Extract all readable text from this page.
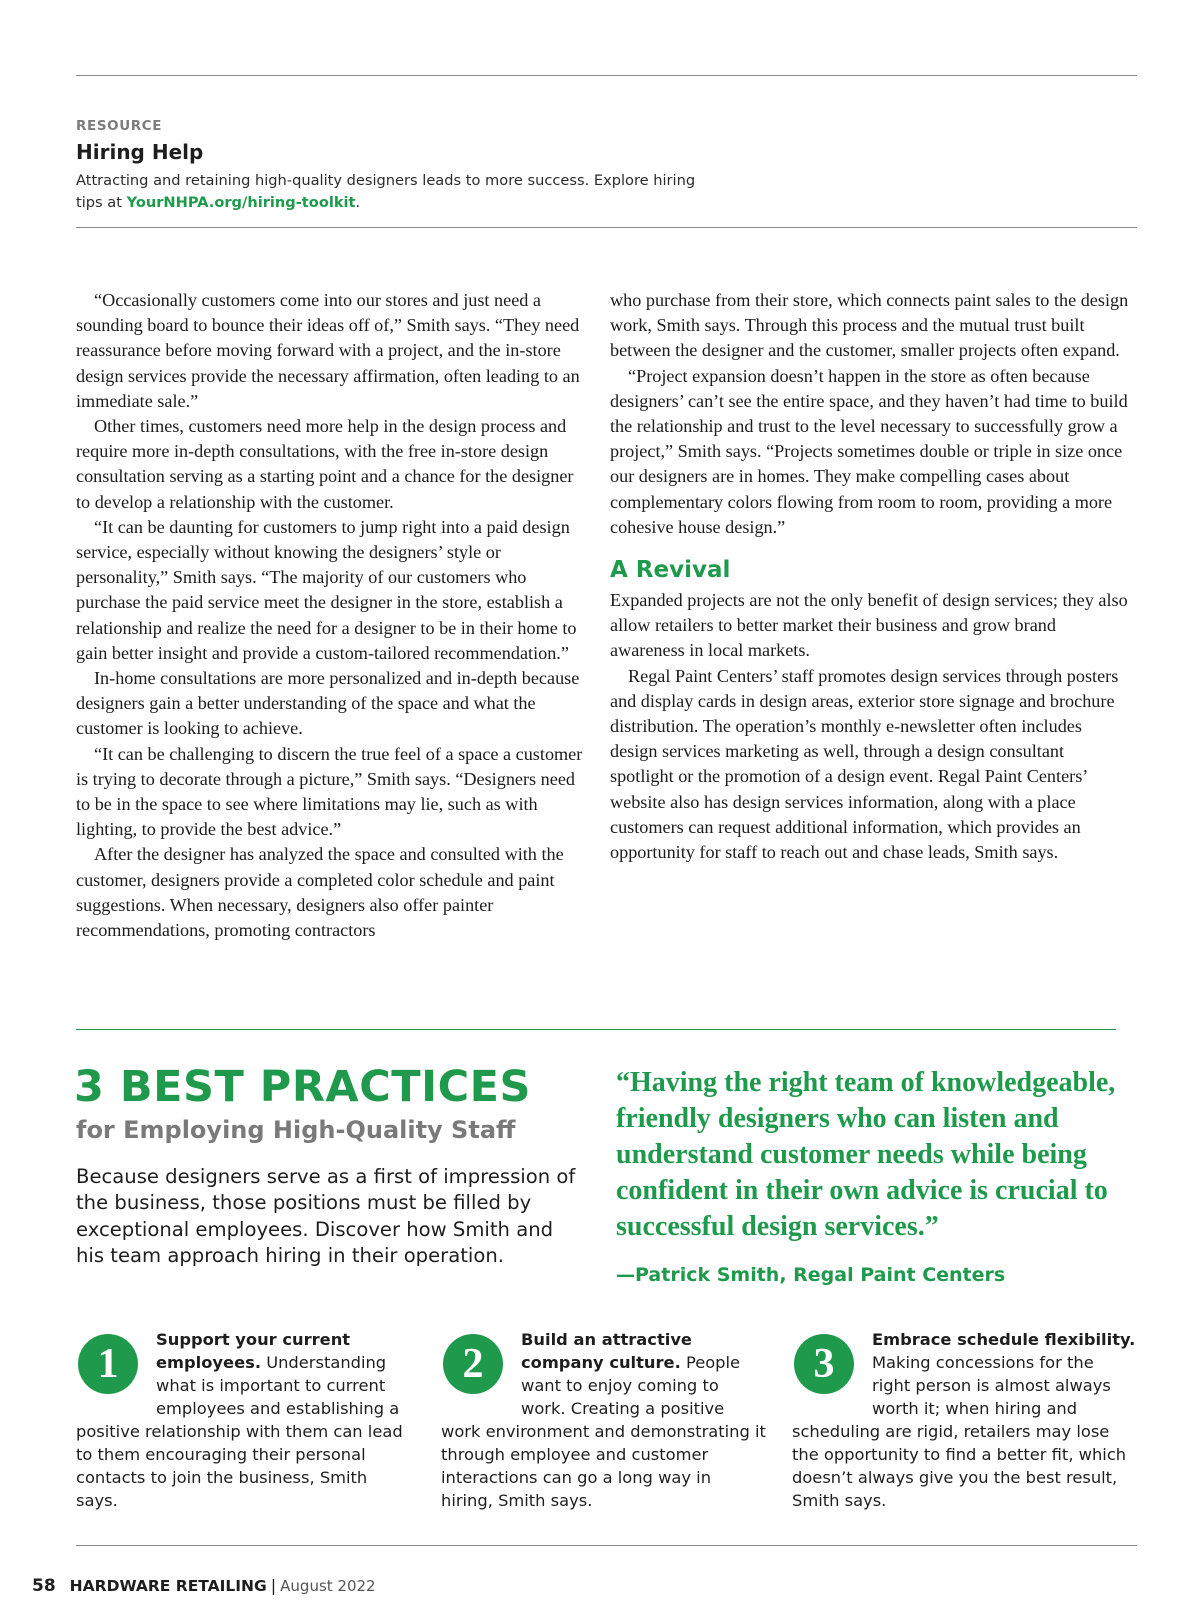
RESOURCE
Hiring Help
Attracting and retaining high-quality designers leads to more success. Explore hiring tips at YourNHPA.org/hiring-toolkit.

“Occasionally customers come into our stores and just need a sounding board to bounce their ideas off of,” Smith says. “They need reassurance before moving forward with a project, and the in-store design services provide the necessary affirmation, often leading to an immediate sale.”

Other times, customers need more help in the design process and require more in-depth consultations, with the free in-store design consultation serving as a starting point and a chance for the designer to develop a relationship with the customer.

“It can be daunting for customers to jump right into a paid design service, especially without knowing the designers’ style or personality,” Smith says. “The majority of our customers who purchase the paid service meet the designer in the store, establish a relationship and realize the need for a designer to be in their home to gain better insight and provide a custom-tailored recommendation.”

In-home consultations are more personalized and in-depth because designers gain a better understanding of the space and what the customer is looking to achieve.

“It can be challenging to discern the true feel of a space a customer is trying to decorate through a picture,” Smith says. “Designers need to be in the space to see where limitations may lie, such as with lighting, to provide the best advice.”

After the designer has analyzed the space and consulted with the customer, designers provide a completed color schedule and paint suggestions. When necessary, designers also offer painter recommendations, promoting contractors

who purchase from their store, which connects paint sales to the design work, Smith says. Through this process and the mutual trust built between the designer and the customer, smaller projects often expand.

“Project expansion doesn’t happen in the store as often because designers’ can’t see the entire space, and they haven’t had time to build the relationship and trust to the level necessary to successfully grow a project,” Smith says. “Projects sometimes double or triple in size once our designers are in homes. They make compelling cases about complementary colors flowing from room to room, providing a more cohesive house design.”

A Revival

Expanded projects are not the only benefit of design services; they also allow retailers to better market their business and grow brand awareness in local markets.

Regal Paint Centers’ staff promotes design services through posters and display cards in design areas, exterior store signage and brochure distribution. The operation’s monthly e-newsletter often includes design services marketing as well, through a design consultant spotlight or the promotion of a design event. Regal Paint Centers’ website also has design services information, along with a place customers can request additional information, which provides an opportunity for staff to reach out and chase leads, Smith says.

3 BEST PRACTICES
for Employing High-Quality Staff
Because designers serve as a first of impression of the business, those positions must be filled by exceptional employees. Discover how Smith and his team approach hiring in their operation.
“Having the right team of knowledgeable, friendly designers who can listen and understand customer needs while being confident in their own advice is crucial to successful design services.”
—Patrick Smith, Regal Paint Centers
1
Support your current employees. Understanding what is important to current employees and establishing a positive relationship with them can lead to them encouraging their personal contacts to join the business, Smith says.
2
Build an attractive company culture. People want to enjoy coming to work. Creating a positive work environment and demonstrating it through employee and customer interactions can go a long way in hiring, Smith says.
3
Embrace schedule flexibility. Making concessions for the right person is almost always worth it; when hiring and scheduling are rigid, retailers may lose the opportunity to find a better fit, which doesn’t always give you the best result, Smith says.
58 HARDWARE RETAILING | August 2022
